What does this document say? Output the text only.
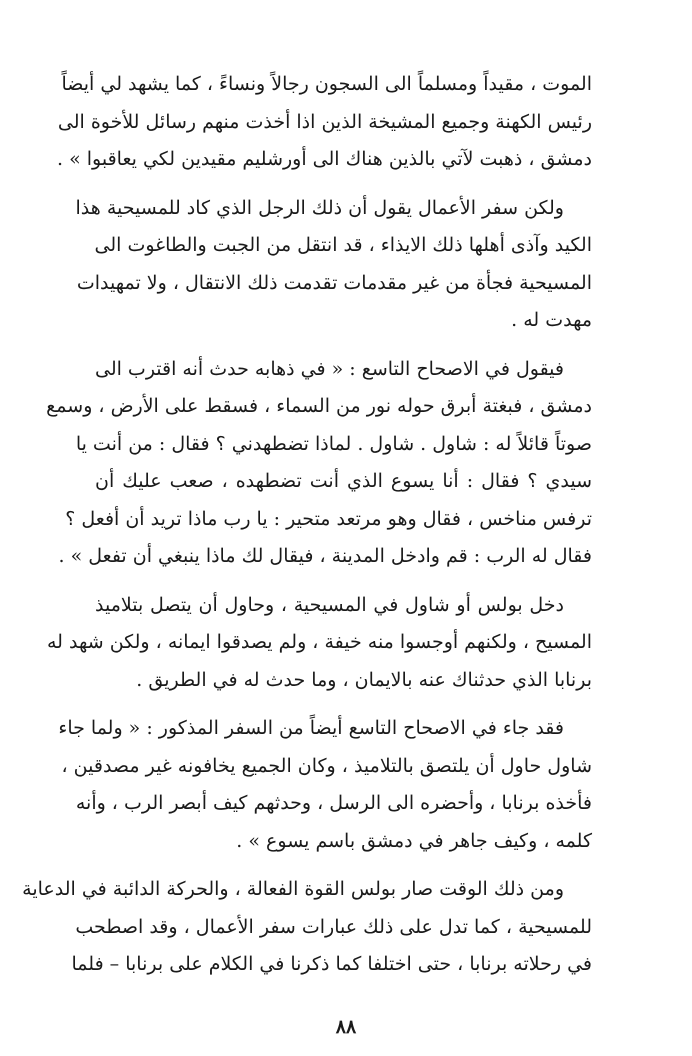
الموت ، مقيداً ومسلماً الى السجون رجالاً ونساءً ، كما يشهد لي أيضاً
رئيس الكهنة وجميع المشيخة الذين اذا أخذت منهم رسائل للأخوة الى
دمشق ، ذهبت لآتي بالذين هناك الى أورشليم مقيدين لكي يعاقبوا » .
ولكن سفر الأعمال يقول أن ذلك الرجل الذي كاد للمسيحية هذا
الكيد وآذى أهلها ذلك الايذاء ، قد انتقل من الجبت والطاغوت الى
المسيحية فجأة من غير مقدمات تقدمت ذلك الانتقال ، ولا تمهيدات
مهدت له .
فيقول في الاصحاح التاسع : « في ذهابه حدث أنه اقترب الى
دمشق ، فبغتة أبرق حوله نور من السماء ، فسقط على الأرض ، وسمع
صوتاً قائلاً له : شاول . شاول . لماذا تضطهدني ؟ فقال : من أنت يا
سيدي ؟ فقال : أنا يسوع الذي أنت تضطهده ، صعب عليك أن
ترفس مناخس ، فقال وهو مرتعد متحير : يا رب ماذا تريد أن أفعل ؟
فقال له الرب : قم وادخل المدينة ، فيقال لك ماذا ينبغي أن تفعل » .
دخل بولس أو شاول في المسيحية ، وحاول أن يتصل بتلاميذ
المسيح ، ولكنهم أوجسوا منه خيفة ، ولم يصدقوا ايمانه ، ولكن شهد له
برنابا الذي حدثناك عنه بالايمان ، وما حدث له في الطريق .
فقد جاء في الاصحاح التاسع أيضاً من السفر المذكور : « ولما جاء
شاول حاول أن يلتصق بالتلاميذ ، وكان الجميع يخافونه غير مصدقين ،
فأخذه برنابا ، وأحضره الى الرسل ، وحدثهم كيف أبصر الرب ، وأنه
كلمه ، وكيف جاهر في دمشق باسم يسوع » .
ومن ذلك الوقت صار بولس القوة الفعالة ، والحركة الدائبة في الدعاية
للمسيحية ، كما تدل على ذلك عبارات سفر الأعمال ، وقد اصطحب
في رحلاته برنابا ، حتى اختلفا كما ذكرنا في الكلام على برنابا – فلما
٨٨
